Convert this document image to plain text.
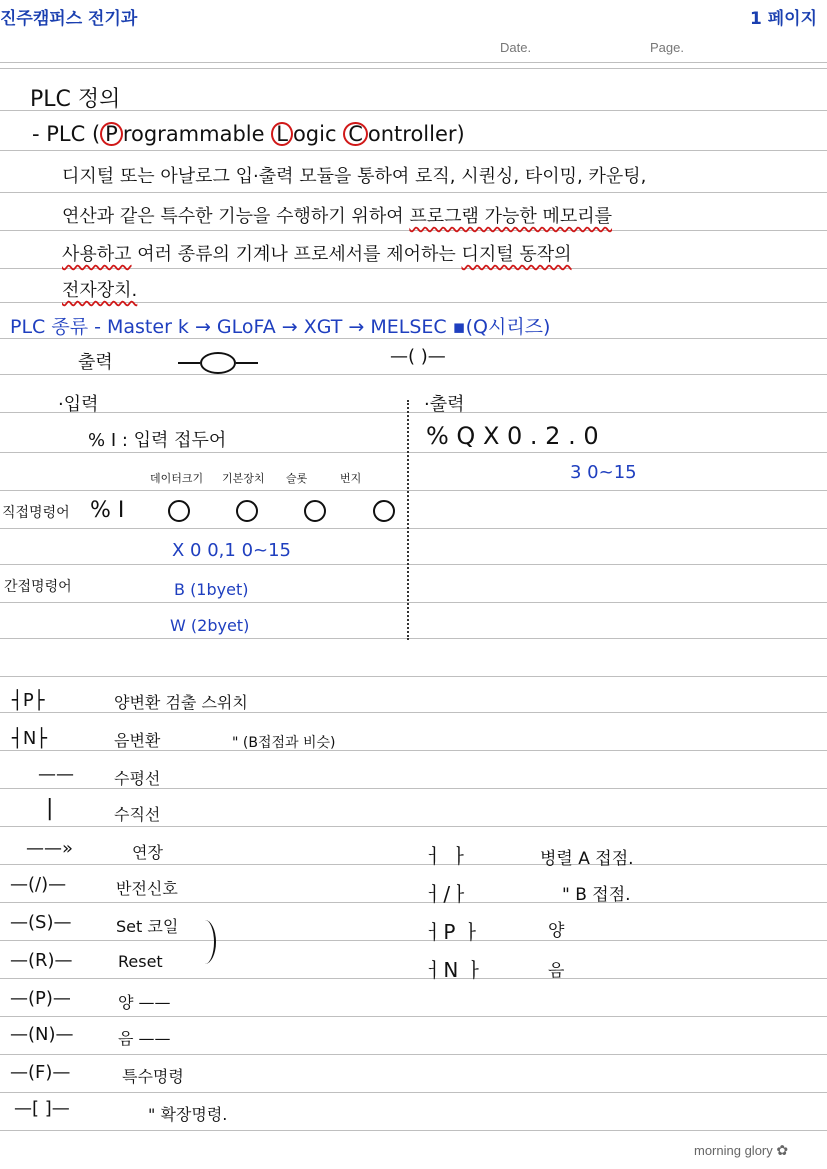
진주캠퍼스 전기과	1 페이지
Date.	Page.
PLC 정의
- PLC ( P rogrammable L ogic C ontroller)
디지털 또는 아날로그 입·출력 모듈을 통하여 로직, 시퀀싱, 타이밍, 카운팅,
연산과 같은 특수한 기능을 수행하기 위하여 프로그램 가능한 메모리를
사용하고 여러 종류의 기계나 프로세서를 제어하는 디지털 동작의
전자장치.
PLC 종류 - Master k → GLoFA → XGT → MELSEC ▪(Q시리즈)
출력	—( )—
·입력	·출력
% I : 입력 접두어	% Q X 0 . 2 . 0
3 0~15
데이터크기 기본장치 슬롯	번지
직접명령어 % I

X 0 0,1 0~15
간접명령어	B (1byet)
W (2byet)
┤P├	양변환 검출 스위치
┤N├	음변환	" (B접점과 비슷)
——	수평선
|	수직선
——»	연장
—(/)—	반전신호
—(S)—	Set 코일
—(R)—	Reset
—(P)—	양 ——
—(N)—	음 ——
—(F)—	특수명령
—[ ]—	" 확장명령.
ㅓ ㅏ	병렬 A 접점.
ㅓ/ㅏ	" B 접점.
ㅓP ㅏ	양
ㅓN ㅏ	음
morning glory ✿
